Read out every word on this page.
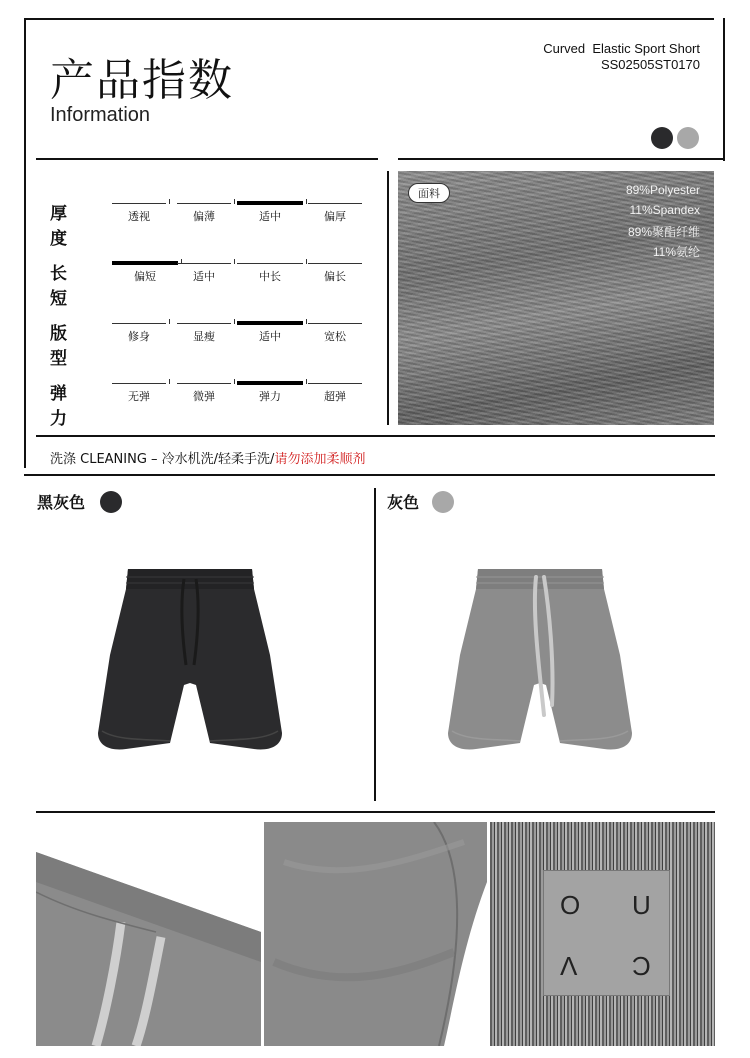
产品指数
Information
Curved  Elastic Sport Short
SS02505ST0170
厚度
透视	偏薄	适中	偏厚
长短
偏短	适中	中长	偏长
版型
修身	显瘦	适中	宽松
弹力
无弹	微弹	弹力	超弹
面料	89%Polyester
11%Spandex
89%聚酯纤维
11%氨纶
洗涤 CLEANING – 冷水机洗/轻柔手洗/请勿添加柔顺剂
黑灰色	灰色
O U
V C
